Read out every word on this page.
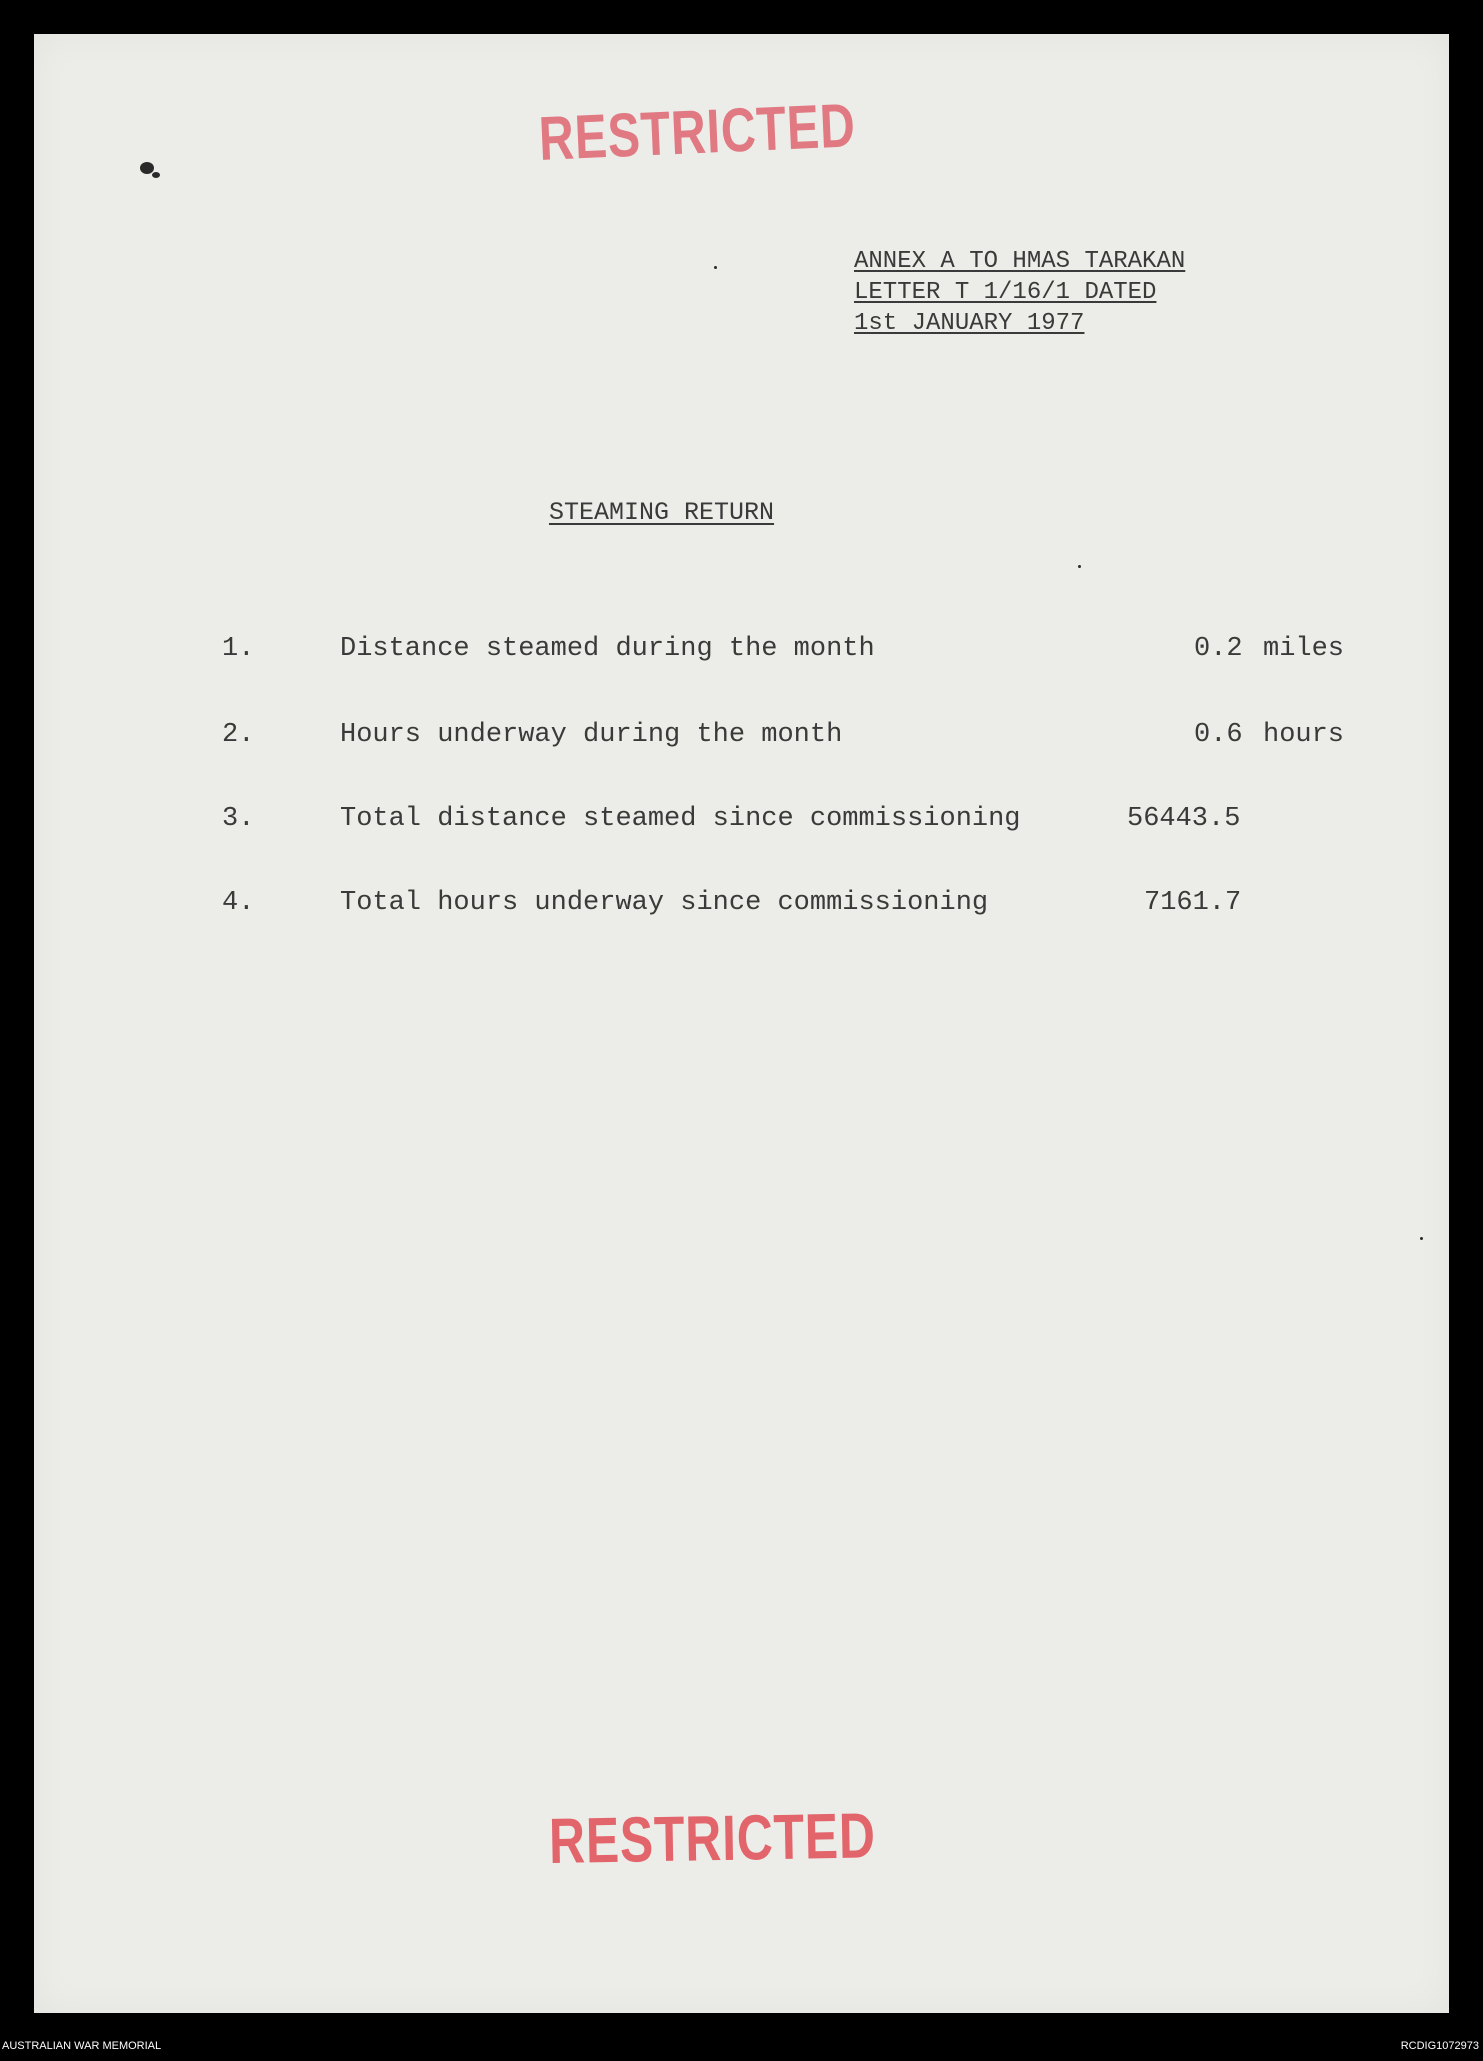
RESTRICTED
ANNEX A TO HMAS TARAKAN
LETTER T 1/16/1 DATED
1st JANUARY 1977
STEAMING RETURN
1.	Distance steamed during the month	0.2 miles
2.	Hours underway during the month	0.6 hours
3.	Total distance steamed since commissioning	56443.5
4.	Total hours underway since commissioning	7161.7
RESTRICTED
AUSTRALIAN WAR MEMORIAL	RCDIG1072973
